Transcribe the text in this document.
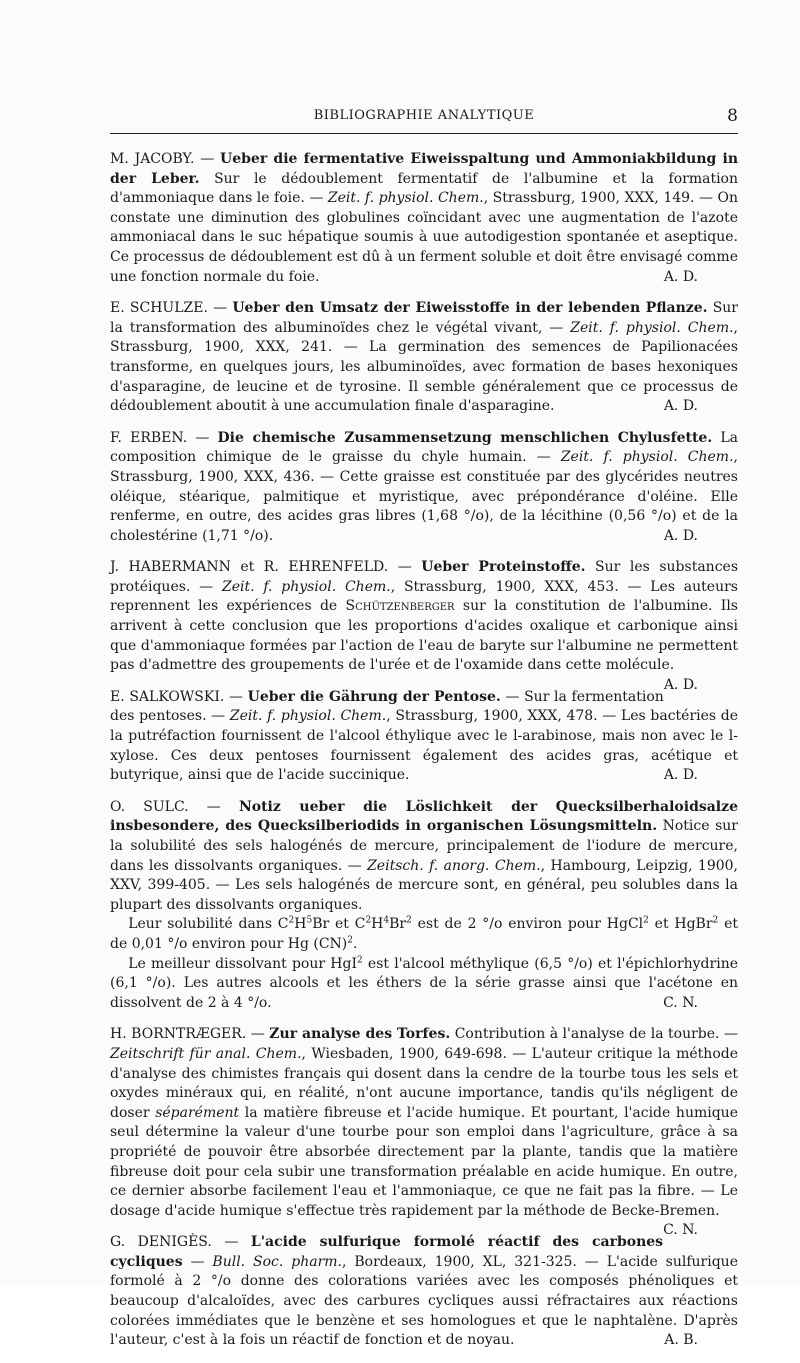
BIBLIOGRAPHIE ANALYTIQUE	8

M. JACOBY. — Ueber die fermentative Eiweisspaltung und Ammoniakbildung in der Leber. Sur le dédoublement fermentatif de l'albumine et la formation d'ammoniaque dans le foie. — Zeit. f. physiol. Chem., Strassburg, 1900, XXX, 149. — On constate une diminution des globulines coïncidant avec une augmentation de l'azote ammoniacal dans le suc hépatique soumis à uue autodigestion spontanée et aseptique. Ce processus de dédoublement est dû à un ferment soluble et doit être envisagé comme une fonction normale du foie.	A. D.

E. SCHULZE. — Ueber den Umsatz der Eiweisstoffe in der lebenden Pflanze. Sur la transformation des albuminoïdes chez le végétal vivant, — Zeit. f. physiol. Chem., Strassburg, 1900, XXX, 241. — La germination des semences de Papilionacées transforme, en quelques jours, les albuminoïdes, avec formation de bases hexoniques d'asparagine, de leucine et de tyrosine. Il semble généralement que ce processus de dédoublement aboutit à une accumulation finale d'asparagine.	A. D.

F. ERBEN. — Die chemische Zusammensetzung menschlichen Chylusfette. La composition chimique de le graisse du chyle humain. — Zeit. f. physiol. Chem., Strassburg, 1900, XXX, 436. — Cette graisse est constituée par des glycérides neutres oléique, stéarique, palmitique et myristique, avec prépondérance d'oléine. Elle renferme, en outre, des acides gras libres (1,68 °/o), de la lécithine (0,56 °/o) et de la cholestérine (1,71 °/o).	A. D.

J. HABERMANN et R. EHRENFELD. — Ueber Proteinstoffe. Sur les substances protéiques. — Zeit. f. physiol. Chem., Strassburg, 1900, XXX, 453. — Les auteurs reprennent les expériences de Schützenberger sur la constitution de l'albumine. Ils arrivent à cette conclusion que les proportions d'acides oxalique et carbonique ainsi que d'ammoniaque formées par l'action de l'eau de baryte sur l'albumine ne permettent pas d'admettre des groupements de l'urée et de l'oxamide dans cette molécule.
A. D.

E. SALKOWSKI. — Ueber die Gährung der Pentose. — Sur la fermentation des pentoses. — Zeit. f. physiol. Chem., Strassburg, 1900, XXX, 478. — Les bactéries de la putréfaction fournissent de l'alcool éthylique avec le l-arabinose, mais non avec le l-xylose. Ces deux pentoses fournissent également des acides gras, acétique et butyrique, ainsi que de l'acide succinique.	A. D.

O. SULC. — Notiz ueber die Löslichkeit der Quecksilberhaloidsalze insbesondere, des Quecksilberiodids in organischen Lösungsmitteln. Notice sur la solubilité des sels halogénés de mercure, principalement de l'iodure de mercure, dans les dissolvants organiques. — Zeitsch. f. anorg. Chem., Hambourg, Leipzig, 1900, XXV, 399-405. — Les sels halogénés de mercure sont, en général, peu solubles dans la plupart des dissolvants organiques.

Leur solubilité dans $C^2H^5Br$ et $C^2H^4Br^2$ est de 2 °/o environ pour HgCl$^2$ et HgBr$^2$ et de 0,01 °/o environ pour Hg (CN)$^2$.

Le meilleur dissolvant pour HgI$^2$ est l'alcool méthylique (6,5 °/o) et l'épichlorhydrine (6,1 °/o). Les autres alcools et les éthers de la série grasse ainsi que l'acétone en dissolvent de 2 à 4 °/o.	C. N.

H. BORNTRÆGER. — Zur analyse des Torfes. Contribution à l'analyse de la tourbe. — Zeitschrift für anal. Chem., Wiesbaden, 1900, 649-698. — L'auteur critique la méthode d'analyse des chimistes français qui dosent dans la cendre de la tourbe tous les sels et oxydes minéraux qui, en réalité, n'ont aucune importance, tandis qu'ils négligent de doser séparément la matière fibreuse et l'acide humique. Et pourtant, l'acide humique seul détermine la valeur d'une tourbe pour son emploi dans l'agriculture, grâce à sa propriété de pouvoir être absorbée directement par la plante, tandis que la matière fibreuse doit pour cela subir une transformation préalable en acide humique. En outre, ce dernier absorbe facilement l'eau et l'ammoniaque, ce que ne fait pas la fibre. — Le dosage d'acide humique s'effectue très rapidement par la méthode de Becke-Bremen.
C. N.

G. DENIGÈS. — L'acide sulfurique formolé réactif des carbones cycliques — Bull. Soc. pharm., Bordeaux, 1900, XL, 321-325. — L'acide sulfurique formolé à 2 °/o donne des colorations variées avec les composés phénoliques et beaucoup d'alcaloïdes, avec des carbures cycliques aussi réfractaires aux réactions colorées immédiates que le benzène et ses homologues et que le naphtalène. D'après l'auteur, c'est à la fois un réactif de fonction et de noyau.	A. B.
